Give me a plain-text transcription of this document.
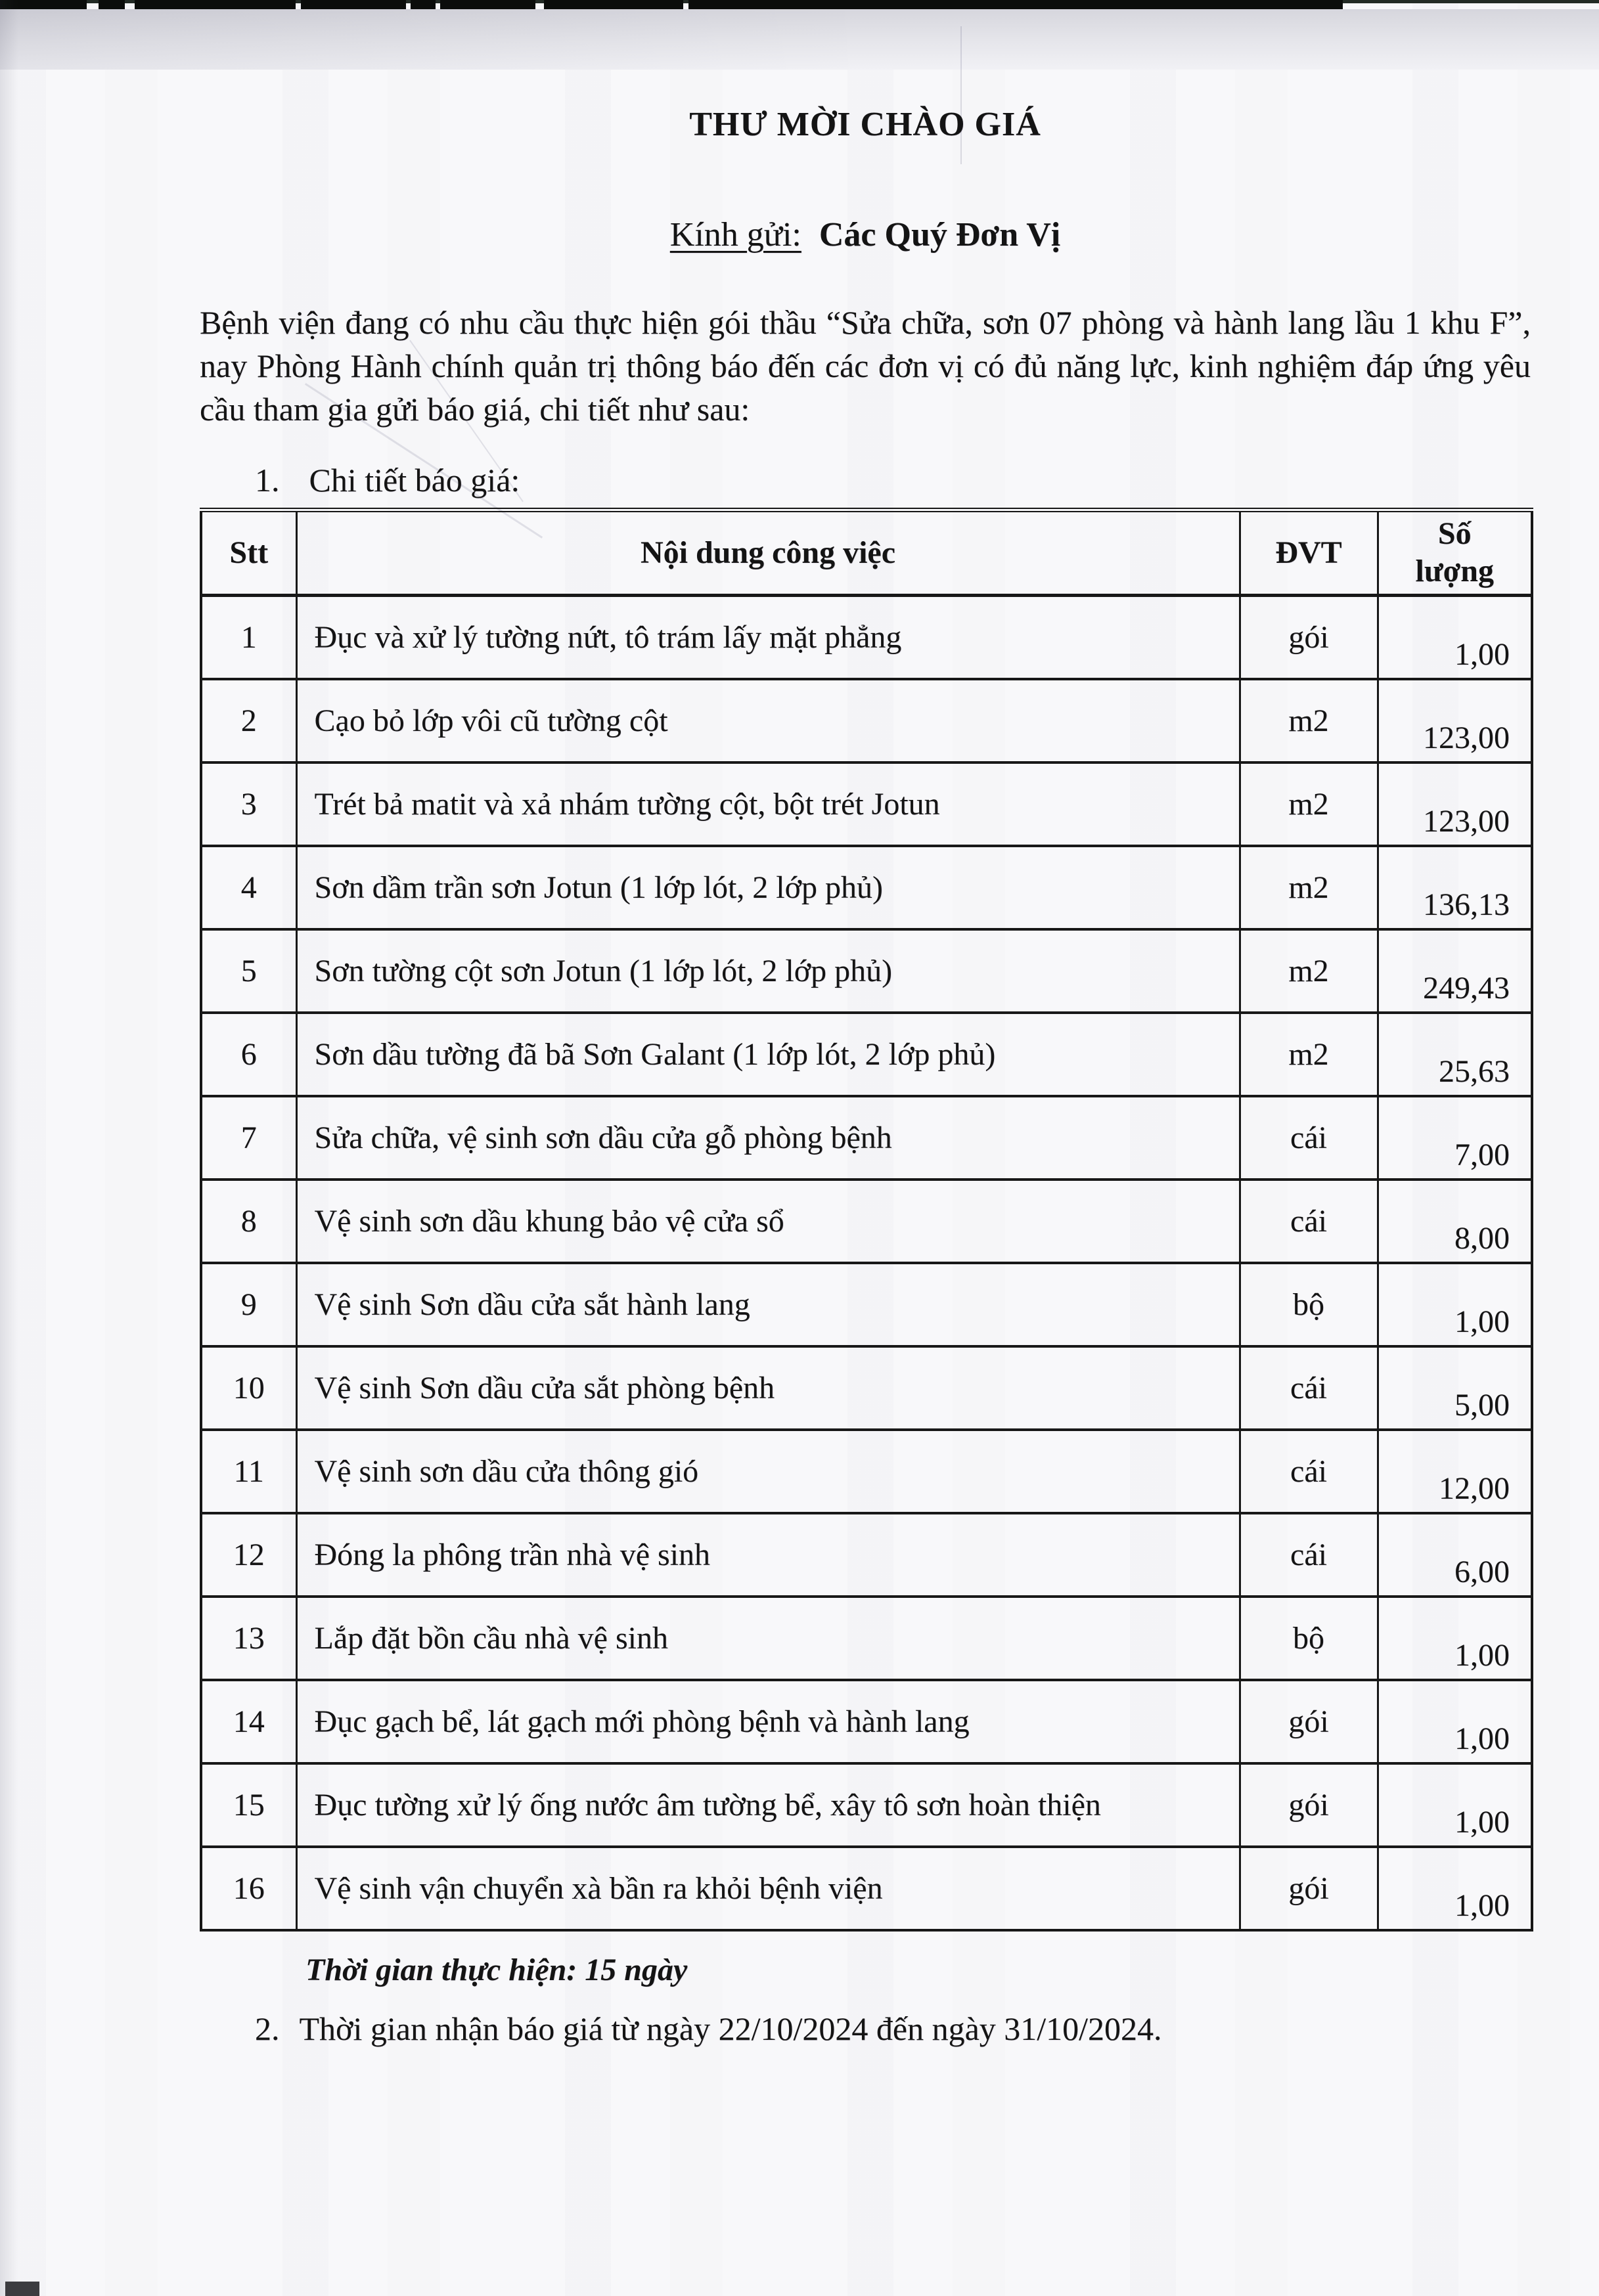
THƯ MỜI CHÀO GIÁ
Kính gửi: Các Quý Đơn Vị

Bệnh viện đang có nhu cầu thực hiện gói thầu “Sửa chữa, sơn 07 phòng và hành lang lầu 1 khu F”, nay Phòng Hành chính quản trị thông báo đến các đơn vị có đủ năng lực, kinh nghiệm đáp ứng yêu cầu tham gia gửi báo giá, chi tiết như sau:

1. Chi tiết báo giá:
Stt	Nội dung công việc	ĐVT	Số lượng
1	Đục và xử lý tường nứt, tô trám lấy mặt phẳng	gói	1,00
2	Cạo bỏ lớp vôi cũ tường cột	m2	123,00
3	Trét bả matit và xả nhám tường cột, bột trét Jotun	m2	123,00
4	Sơn dầm trần sơn Jotun (1 lớp lót, 2 lớp phủ)	m2	136,13
5	Sơn tường cột sơn Jotun (1 lớp lót, 2 lớp phủ)	m2	249,43
6	Sơn dầu tường đã bã Sơn Galant (1 lớp lót, 2 lớp phủ)	m2	25,63
7	Sửa chữa, vệ sinh sơn dầu cửa gỗ phòng bệnh	cái	7,00
8	Vệ sinh sơn dầu khung bảo vệ cửa sổ	cái	8,00
9	Vệ sinh Sơn dầu cửa sắt hành lang	bộ	1,00
10	Vệ sinh Sơn dầu cửa sắt phòng bệnh	cái	5,00
11	Vệ sinh sơn dầu cửa thông gió	cái	12,00
12	Đóng la phông trần nhà vệ sinh	cái	6,00
13	Lắp đặt bồn cầu nhà vệ sinh	bộ	1,00
14	Đục gạch bể, lát gạch mới phòng bệnh và hành lang	gói	1,00
15	Đục tường xử lý ống nước âm tường bể, xây tô sơn hoàn thiện	gói	1,00
16	Vệ sinh vận chuyển xà bần ra khỏi bệnh viện	gói	1,00

Thời gian thực hiện: 15 ngày

2. Thời gian nhận báo giá từ ngày 22/10/2024 đến ngày 31/10/2024.
